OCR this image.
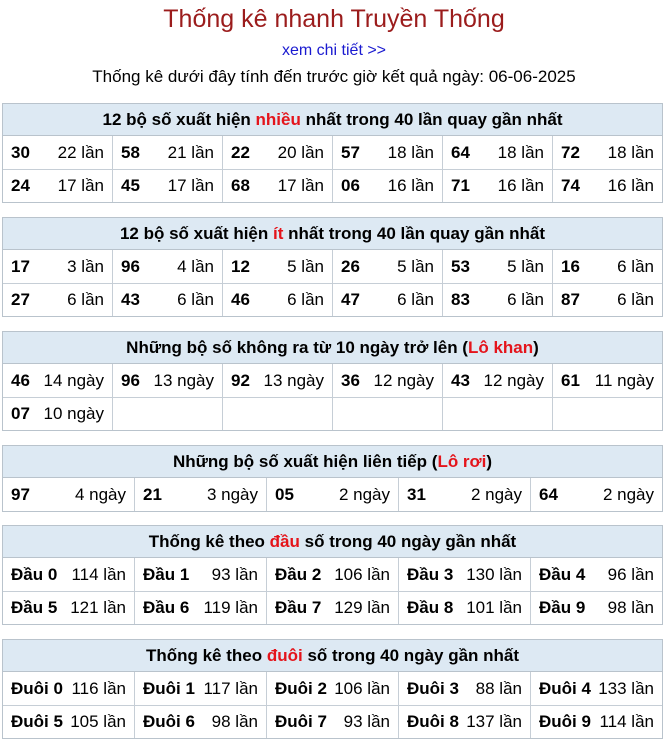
Thống kê nhanh Truyền Thống
xem chi tiết >>
Thống kê dưới đây tính đến trước giờ kết quả ngày: 06-06-2025
12 bộ số xuất hiện nhiều nhất trong 40 lần quay gần nhất
30 22 lần 58 21 lần 22 20 lần 57 18 lần 64 18 lần 72 18 lần
24 17 lần 45 17 lần 68 17 lần 06 16 lần 71 16 lần 74 16 lần
12 bộ số xuất hiện ít nhất trong 40 lần quay gần nhất
17 3 lần 96 4 lần 12 5 lần 26 5 lần 53 5 lần 16 6 lần
27 6 lần 43 6 lần 46 6 lần 47 6 lần 83 6 lần 87 6 lần
Những bộ số không ra từ 10 ngày trở lên (Lô khan)
46 14 ngày 96 13 ngày 92 13 ngày 36 12 ngày 43 12 ngày 61 11 ngày
07 10 ngày
Những bộ số xuất hiện liên tiếp (Lô rơi)
97	4 ngày 21	3 ngày 05	2 ngày 31	2 ngày 64	2 ngày
Thống kê theo đầu số trong 40 ngày gần nhất
Đầu 0 114 lần Đầu 1 93 lần Đầu 2 106 lần Đầu 3 130 lần Đầu 4 96 lần
Đầu 5 121 lần Đầu 6 119 lần Đầu 7 129 lần Đầu 8 101 lần Đầu 9 98 lần
Thống kê theo đuôi số trong 40 ngày gần nhất
Đuôi 0 116 lần Đuôi 1 117 lần Đuôi 2 106 lần Đuôi 3 88 lần Đuôi 4 133 lần
Đuôi 5 105 lần Đuôi 6 98 lần Đuôi 7 93 lần Đuôi 8 137 lần Đuôi 9 114 lần
